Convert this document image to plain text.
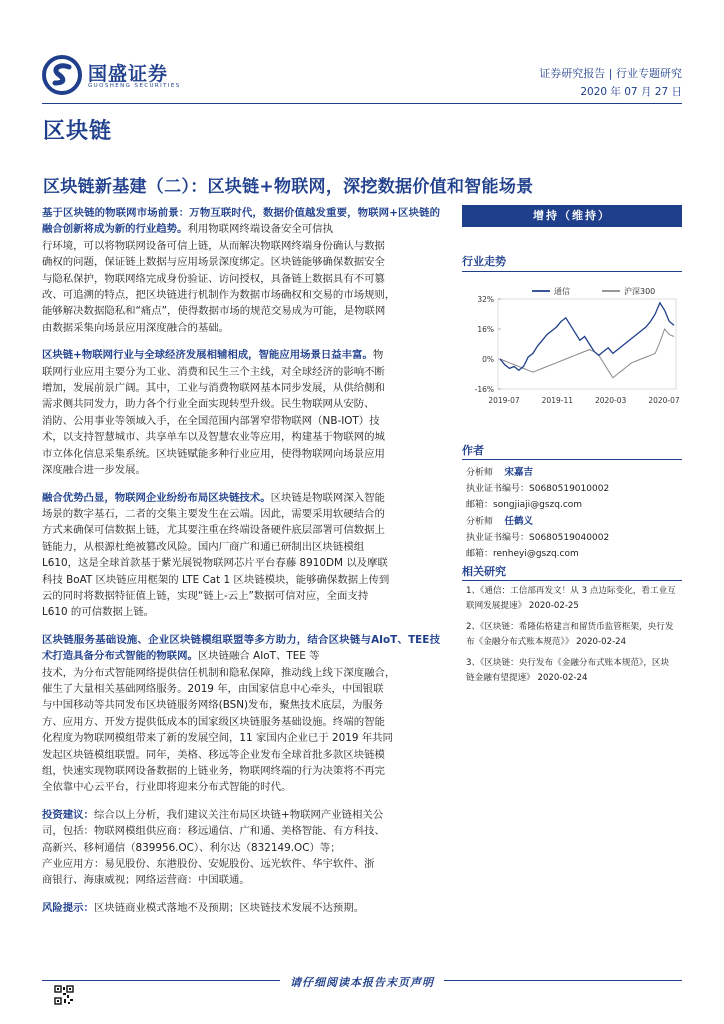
国盛证券
GUOSHENG SECURITIES
证券研究报告 | 行业专题研究
2020 年 07 月 27 日
区块链
区块链新基建（二）：区块链+物联网，深挖数据价值和智能场景
基于区块链的物联网市场前景：万物互联时代，数据价值越发重要，物联网+区块链的融合创新将成为新的行业趋势。利用物联网终端设备安全可信执
行环境，可以将物联网设备可信上链，从而解决物联网终端身份确认与数据
确权的问题，保证链上数据与应用场景深度绑定。区块链能够确保数据安全
与隐私保护，物联网络完成身份验证、访问授权，具备链上数据具有不可篡
改、可追溯的特点，把区块链进行机制作为数据市场确权和交易的市场规则，
能够解决数据隐私和“痛点”，使得数据市场的规范交易成为可能，是物联网
由数据采集向场景应用深度融合的基础。
区块链+物联网行业与全球经济发展相辅相成，智能应用场景日益丰富。物
联网行业应用主要分为工业、消费和民生三个主线，对全球经济的影响不断
增加，发展前景广阔。其中，工业与消费物联网基本同步发展，从供给侧和
需求侧共同发力，助力各个行业全面实现转型升级。民生物联网从安防、
消防、公用事业等领域入手，在全国范围内部署窄带物联网（NB-IOT）技
术，以支持智慧城市、共享单车以及智慧农业等应用，构建基于物联网的城
市立体化信息采集系统。区块链赋能多种行业应用，使得物联网向场景应用
深度融合进一步发展。
融合优势凸显，物联网企业纷纷布局区块链技术。区块链是物联网深入智能
场景的数字基石，二者的交集主要发生在云端。因此，需要采用软硬结合的
方式来确保可信数据上链，尤其要注重在终端设备硬件底层部署可信数据上
链能力，从根源杜绝被篡改风险。国内厂商广和通已研制出区块链模组
L610，这是全球首款基于紫光展锐物联网芯片平台春藤 8910DM 以及摩联
科技 BoAT 区块链应用框架的 LTE Cat 1 区块链模块，能够确保数据上传到
云的同时将数据特征值上链，实现“链上-云上”数据可信对应，全面支持
L610 的可信数据上链。
区块链服务基础设施、企业区块链模组联盟等多方助力，结合区块链与AIoT、TEE技术打造具备分布式智能的物联网。区块链融合 AIoT、TEE 等
技术，为分布式智能网络提供信任机制和隐私保障，推动线上线下深度融合，
催生了大量相关基础网络服务。2019 年，由国家信息中心牵头，中国银联
与中国移动等共同发布区块链服务网络(BSN)发布，聚焦技术底层，为服务
方、应用方、开发方提供低成本的国家级区块链服务基础设施。终端的智能
化程度为物联网模组带来了新的发展空间，11 家国内企业已于 2019 年共同
发起区块链模组联盟。同年，美格、移远等企业发布全球首批多款区块链模
组，快速实现物联网设备数据的上链业务，物联网终端的行为决策将不再完
全依靠中心云平台，行业即将迎来分布式智能的时代。
投资建议：综合以上分析，我们建议关注布局区块链+物联网产业链相关公
司，包括：物联网模组供应商：移远通信、广和通、美格智能、有方科技、
高新兴、移柯通信（839956.OC）、利尔达（832149.OC）等；
产业应用方：易见股份、东港股份、安妮股份、远光软件、华宇软件、浙
商银行、海康威视；网络运营商：中国联通。
风险提示：区块链商业模式落地不及预期；区块链技术发展不达预期。
增持（维持）
行业走势
32%
16%
0%
-16%
2019-07	2019-11	2020-03	2020-07
通信	沪深300
作者
分析师 宋嘉吉
执业证书编号：S0680519010002
邮箱：songjiaji@gszq.com
分析师 任鹤义
执业证书编号：S0680519040002
邮箱：renheyi@gszq.com
相关研究
1、《通信：工信部再发文！从 3 点边际变化，看工业互
联网发展提速》 2020-02-25
2、《区块链：希隆佑格建言和留货币监管框架，央行发
布《金融分布式账本规范》》 2020-02-24
3、《区块链：央行发布《金融分布式账本规范》，区块
链金融有望提速》 2020-02-24
请仔细阅读本报告末页声明
